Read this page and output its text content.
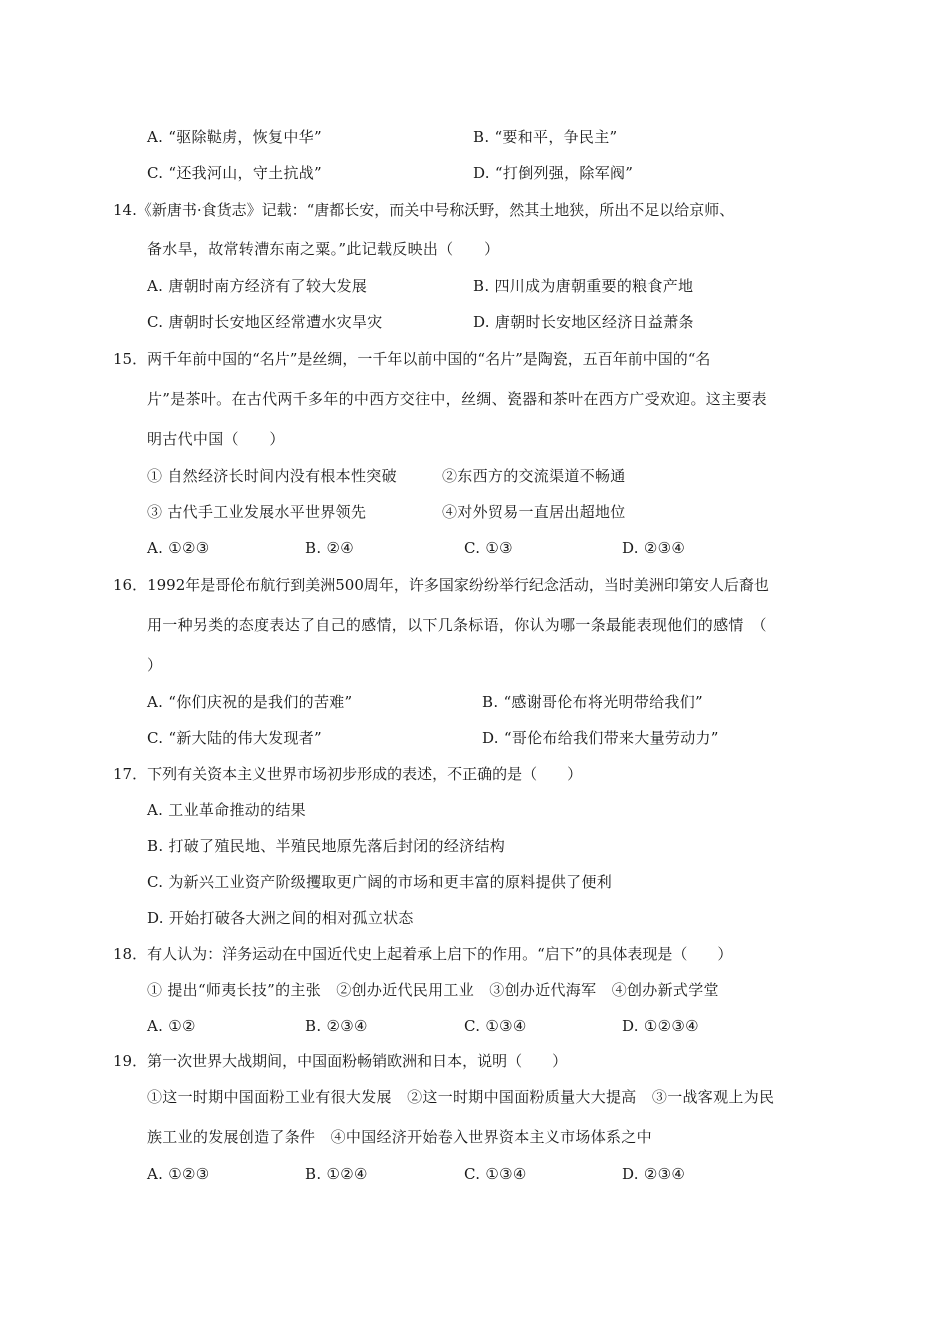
A. “驱除鞑虏，恢复中华”	B. “要和平，争民主”
C. “还我河山，守土抗战”	D. “打倒列强，除军阀”
14.《新唐书·食货志》记载：“唐都长安，而关中号称沃野，然其土地狭，所出不足以给京师、
备水旱，故常转漕东南之粟。”此记载反映出（　　）
A. 唐朝时南方经济有了较大发展	B. 四川成为唐朝重要的粮食产地
C. 唐朝时长安地区经常遭水灾旱灾	D. 唐朝时长安地区经济日益萧条
15．两千年前中国的“名片”是丝绸，一千年以前中国的“名片”是陶瓷，五百年前中国的“名
片”是茶叶。在古代两千多年的中西方交往中，丝绸、瓷器和茶叶在西方广受欢迎。这主要表
明古代中国（　　）
① 自然经济长时间内没有根本性突破	②东西方的交流渠道不畅通
③ 古代手工业发展水平世界领先	④对外贸易一直居出超地位
A. ①②③	B. ②④	C. ①③	D. ②③④
16．1992年是哥伦布航行到美洲500周年，许多国家纷纷举行纪念活动，当时美洲印第安人后裔也
用一种另类的态度表达了自己的感情，以下几条标语，你认为哪一条最能表现他们的感情　（
）
A. “你们庆祝的是我们的苦难”	B. “感谢哥伦布将光明带给我们”
C. “新大陆的伟大发现者”	D. “哥伦布给我们带来大量劳动力”
17．下列有关资本主义世界市场初步形成的表述，不正确的是（　　）
A. 工业革命推动的结果
B. 打破了殖民地、半殖民地原先落后封闭的经济结构
C. 为新兴工业资产阶级攫取更广阔的市场和更丰富的原料提供了便利
D. 开始打破各大洲之间的相对孤立状态
18．有人认为：洋务运动在中国近代史上起着承上启下的作用。“启下”的具体表现是（　　）
① 提出“师夷长技”的主张　②创办近代民用工业　③创办近代海军　④创办新式学堂
A. ①②	B. ②③④	C. ①③④	D. ①②③④
19．第一次世界大战期间，中国面粉畅销欧洲和日本，说明（　　）
①这一时期中国面粉工业有很大发展　②这一时期中国面粉质量大大提高　③一战客观上为民
族工业的发展创造了条件　④中国经济开始卷入世界资本主义市场体系之中
A. ①②③	B. ①②④	C. ①③④	D. ②③④
